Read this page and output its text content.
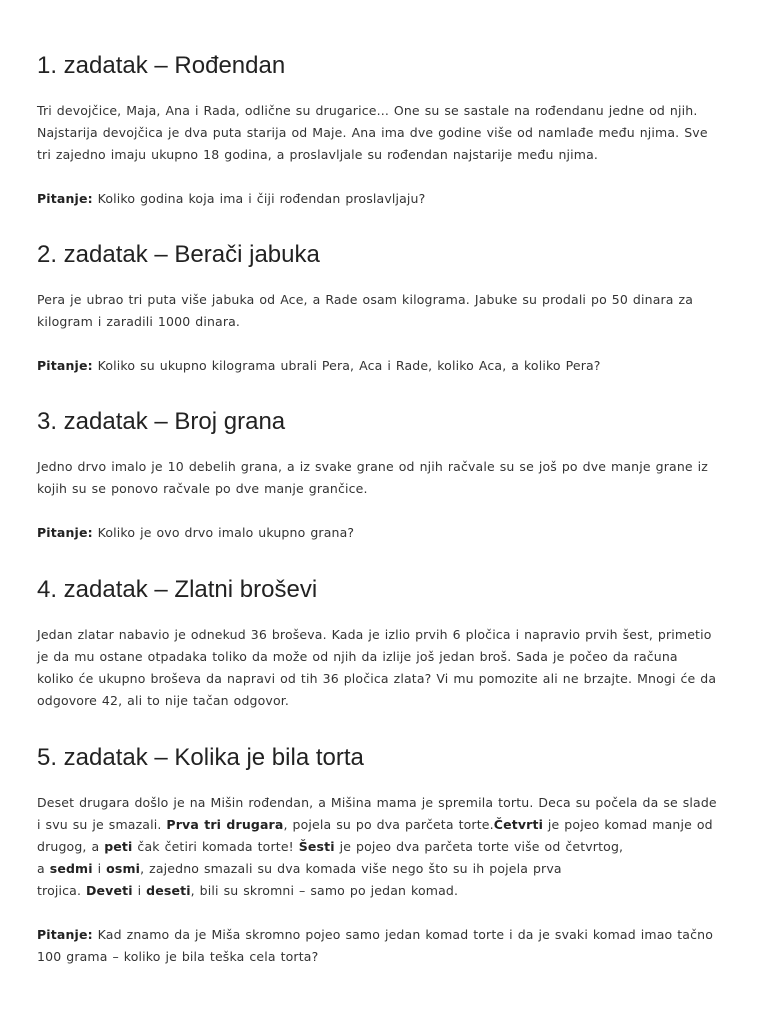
1. zadatak – Rođendan

Tri devojčice, Maja, Ana i Rada, odlične su drugarice... One su se sastale na rođendanu jedne od njih.
Najstarija devojčica je dva puta starija od Maje. Ana ima dve godine više od namlađe među njima. Sve
tri zajedno imaju ukupno 18 godina, a proslavljale su rođendan najstarije među njima.

Pitanje: Koliko godina koja ima i čiji rođendan proslavljaju?

2. zadatak – Berači jabuka

Pera je ubrao tri puta više jabuka od Ace, a Rade osam kilograma. Jabuke su prodali po 50 dinara za
kilogram i zaradili 1000 dinara.

Pitanje: Koliko su ukupno kilograma ubrali Pera, Aca i Rade, koliko Aca, a koliko Pera?

3. zadatak – Broj grana

Jedno drvo imalo je 10 debelih grana, a iz svake grane od njih račvale su se još po dve manje grane iz
kojih su se ponovo račvale po dve manje grančice.

Pitanje: Koliko je ovo drvo imalo ukupno grana?

4. zadatak – Zlatni broševi

Jedan zlatar nabavio je odnekud 36 broševa. Kada je izlio prvih 6 pločica i napravio prvih šest, primetio
je da mu ostane otpadaka toliko da može od njih da izlije još jedan broš. Sada je počeo da računa
koliko će ukupno broševa da napravi od tih 36 pločica zlata? Vi mu pomozite ali ne brzajte. Mnogi će da
odgovore 42, ali to nije tačan odgovor.

5. zadatak – Kolika je bila torta

Deset drugara došlo je na Mišin rođendan, a Mišina mama je spremila tortu. Deca su počela da se slade
i svu su je smazali. Prva tri drugara, pojela su po dva parčeta torte.Četvrti je pojeo komad manje od
drugog, a peti čak četiri komada torte! Šesti je pojeo dva parčeta torte više od četvrtog,
a sedmi i osmi, zajedno smazali su dva komada više nego što su ih pojela prva
trojica. Deveti i deseti, bili su skromni – samo po jedan komad.

Pitanje: Kad znamo da je Miša skromno pojeo samo jedan komad torte i da je svaki komad imao tačno
100 grama – koliko je bila teška cela torta?
